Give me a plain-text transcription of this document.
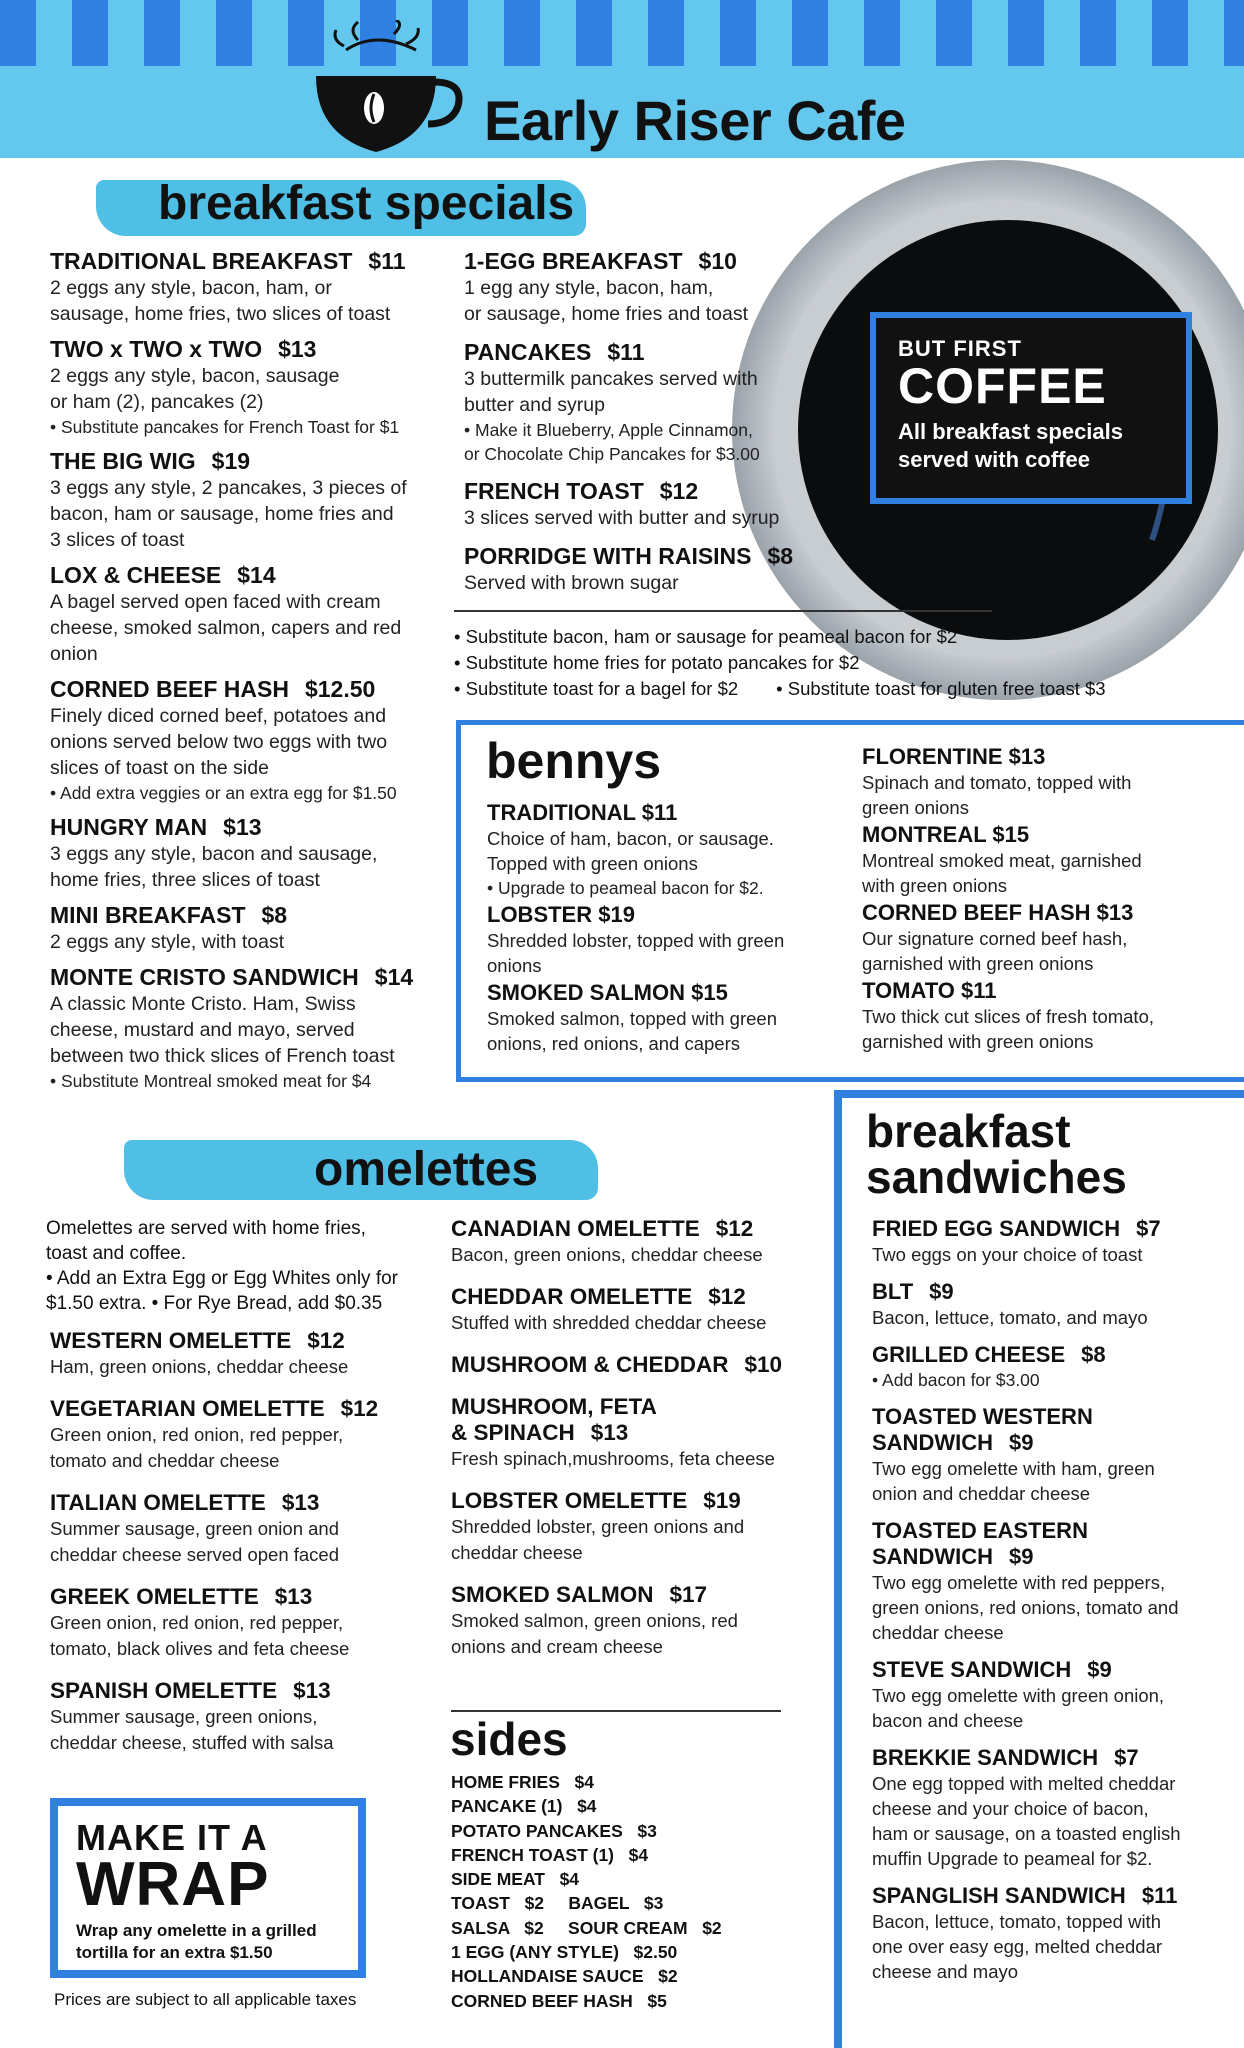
Early Riser Cafe
BUT FIRST
COFFEE
All breakfast specials
served with coffee
breakfast specials
TRADITIONAL BREAKFAST $11
2 eggs any style, bacon, ham, or
sausage, home fries, two slices of toast
TWO x TWO x TWO $13
2 eggs any style, bacon, sausage
or ham (2), pancakes (2)
• Substitute pancakes for French Toast for $1
THE BIG WIG $19
3 eggs any style, 2 pancakes, 3 pieces of
bacon, ham or sausage, home fries and
3 slices of toast
LOX & CHEESE $14
A bagel served open faced with cream
cheese, smoked salmon, capers and red
onion
CORNED BEEF HASH $12.50
Finely diced corned beef, potatoes and
onions served below two eggs with two
slices of toast on the side
• Add extra veggies or an extra egg for $1.50
HUNGRY MAN $13
3 eggs any style, bacon and sausage,
home fries, three slices of toast
MINI BREAKFAST $8
2 eggs any style, with toast
MONTE CRISTO SANDWICH $14
A classic Monte Cristo. Ham, Swiss
cheese, mustard and mayo, served
between two thick slices of French toast
• Substitute Montreal smoked meat for $4
1-EGG BREAKFAST $10
1 egg any style, bacon, ham,
or sausage, home fries and toast
PANCAKES $11
3 buttermilk pancakes served with
butter and syrup
• Make it Blueberry, Apple Cinnamon,
or Chocolate Chip Pancakes for $3.00
FRENCH TOAST $12
3 slices served with butter and syrup
PORRIDGE WITH RAISINS $8
Served with brown sugar
• Substitute bacon, ham or sausage for peameal bacon for $2
• Substitute home fries for potato pancakes for $2
• Substitute toast for a bagel for $2 • Substitute toast for gluten free toast $3
bennys
TRADITIONAL $11
Choice of ham, bacon, or sausage.
Topped with green onions
• Upgrade to peameal bacon for $2.
LOBSTER $19
Shredded lobster, topped with green
onions
SMOKED SALMON $15
Smoked salmon, topped with green
onions, red onions, and capers
FLORENTINE $13
Spinach and tomato, topped with
green onions
MONTREAL $15
Montreal smoked meat, garnished
with green onions
CORNED BEEF HASH $13
Our signature corned beef hash,
garnished with green onions
TOMATO $11
Two thick cut slices of fresh tomato,
garnished with green onions
omelettes
Omelettes are served with home fries,
toast and coffee.
• Add an Extra Egg or Egg Whites only for
$1.50 extra. • For Rye Bread, add $0.35
WESTERN OMELETTE $12
Ham, green onions, cheddar cheese
VEGETARIAN OMELETTE $12
Green onion, red onion, red pepper,
tomato and cheddar cheese
ITALIAN OMELETTE $13
Summer sausage, green onion and
cheddar cheese served open faced
GREEK OMELETTE $13
Green onion, red onion, red pepper,
tomato, black olives and feta cheese
SPANISH OMELETTE $13
Summer sausage, green onions,
cheddar cheese, stuffed with salsa
CANADIAN OMELETTE $12
Bacon, green onions, cheddar cheese
CHEDDAR OMELETTE $12
Stuffed with shredded cheddar cheese
MUSHROOM & CHEDDAR $10
MUSHROOM, FETA
& SPINACH $13
Fresh spinach,mushrooms, feta cheese
LOBSTER OMELETTE $19
Shredded lobster, green onions and
cheddar cheese
SMOKED SALMON $17
Smoked salmon, green onions, red
onions and cream cheese
sides
HOME FRIES   $4
PANCAKE (1)   $4
POTATO PANCAKES   $3
FRENCH TOAST (1)   $4
SIDE MEAT   $4
TOAST   $2     BAGEL   $3
SALSA   $2     SOUR CREAM   $2
1 EGG (ANY STYLE)   $2.50
HOLLANDAISE SAUCE   $2
CORNED BEEF HASH   $5
MAKE IT A
WRAP
Wrap any omelette in a grilled
tortilla for an extra $1.50
Prices are subject to all applicable taxes
breakfast
sandwiches
FRIED EGG SANDWICH $7
Two eggs on your choice of toast
BLT $9
Bacon, lettuce, tomato, and mayo
GRILLED CHEESE $8
• Add bacon for $3.00
TOASTED WESTERN
SANDWICH $9
Two egg omelette with ham, green
onion and cheddar cheese
TOASTED EASTERN
SANDWICH $9
Two egg omelette with red peppers,
green onions, red onions, tomato and
cheddar cheese
STEVE SANDWICH $9
Two egg omelette with green onion,
bacon and cheese
BREKKIE SANDWICH $7
One egg topped with melted cheddar
cheese and your choice of bacon,
ham or sausage, on a toasted english
muffin Upgrade to peameal for $2.
SPANGLISH SANDWICH $11
Bacon, lettuce, tomato, topped with
one over easy egg, melted cheddar
cheese and mayo
